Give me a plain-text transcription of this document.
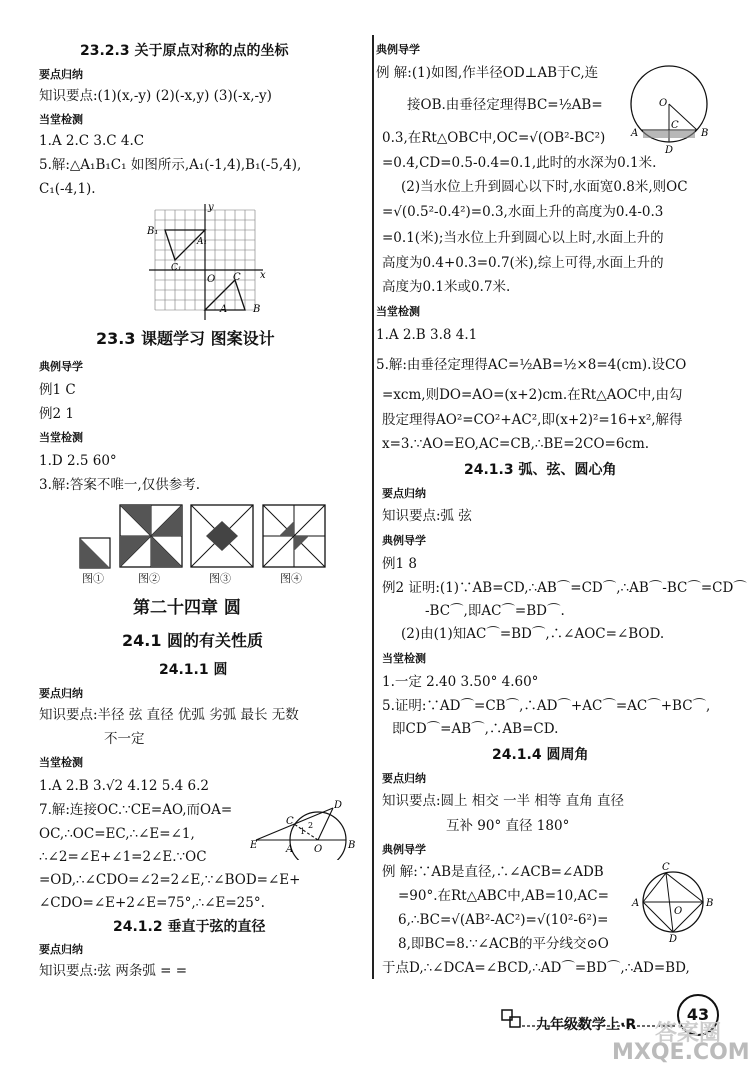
23.2.3 关于原点对称的点的坐标
要点归纳
知识要点:(1)(x,-y) (2)(-x,y) (3)(-x,-y)
当堂检测
1.A 2.C 3.C 4.C
5.解:△A₁B₁C₁ 如图所示,A₁(-1,4),B₁(-5,4),
C₁(-4,1).
y
x
O
A	B
C
A₁
B₁
C₁
23.3 课题学习 图案设计
典例导学
例1 C
例2 1
当堂检测
1.D 2.5 60°
3.解:答案不唯一,仅供参考.
图①	图②	图③	图④
第二十四章 圆
24.1 圆的有关性质
24.1.1 圆
要点归纳
知识要点:半径 弦 直径 优弧 劣弧 最长 无数
不一定
当堂检测
1.A 2.B 3.√2 4.12 5.4 6.2
7.解:连接OC.∵CE=AO,而OA=
OC,∴OC=EC,∴∠E=∠1,
∴∠2=∠E+∠1=2∠E.∵OC
=OD,∴∠CDO=∠2=2∠E,∵∠BOD=∠E+
∠CDO=∠E+2∠E=75°,∴∠E=25°.
D
C
E	A O	B
1
2
24.1.2 垂直于弦的直径
要点归纳
知识要点:弦 两条弧 = =
典例导学
例 解:(1)如图,作半径OD⊥AB于C,连
接OB.由垂径定理得BC=½AB=
0.3,在Rt△OBC中,OC=√(OB²-BC²)
=0.4,CD=0.5-0.4=0.1,此时的水深为0.1米.
(2)当水位上升到圆心以下时,水面宽0.8米,则OC
=√(0.5²-0.4²)=0.3,水面上升的高度为0.4-0.3
=0.1(米);当水位上升到圆心以上时,水面上升的
高度为0.4+0.3=0.7(米),综上可得,水面上升的
高度为0.1米或0.7米.
O
A
C
B
D
当堂检测
1.A 2.B 3.8 4.1
5.解:由垂径定理得AC=½AB=½×8=4(cm).设CO
=xcm,则DO=AO=(x+2)cm.在Rt△AOC中,由勾
股定理得AO²=CO²+AC²,即(x+2)²=16+x²,解得
x=3.∵AO=EO,AC=CB,∴BE=2CO=6cm.
24.1.3 弧、弦、圆心角
要点归纳
知识要点:弧 弦
典例导学
例1 8
例2 证明:(1)∵AB=CD,∴AB⌒=CD⌒,∴AB⌒-BC⌒=CD⌒
-BC⌒,即AC⌒=BD⌒.
(2)由(1)知AC⌒=BD⌒,∴∠AOC=∠BOD.
当堂检测
1.一定 2.40 3.50° 4.60°
5.证明:∵AD⌒=CB⌒,∴AD⌒+AC⌒=AC⌒+BC⌒,
即CD⌒=AB⌒,∴AB=CD.
24.1.4 圆周角
要点归纳
知识要点:圆上 相交 一半 相等 直角 直径
互补 90° 直径 180°
典例导学
例 解:∵AB是直径,∴∠ACB=∠ADB
=90°.在Rt△ABC中,AB=10,AC=
6,∴BC=√(AB²-AC²)=√(10²-6²)=
8,即BC=8.∵∠ACB的平分线交⊙O
于点D,∴∠DCA=∠BCD,∴AD⌒=BD⌒,∴AD=BD,
C
A
O
B
D
九年级数学上·R
43
答案圈
MXQE.COM
